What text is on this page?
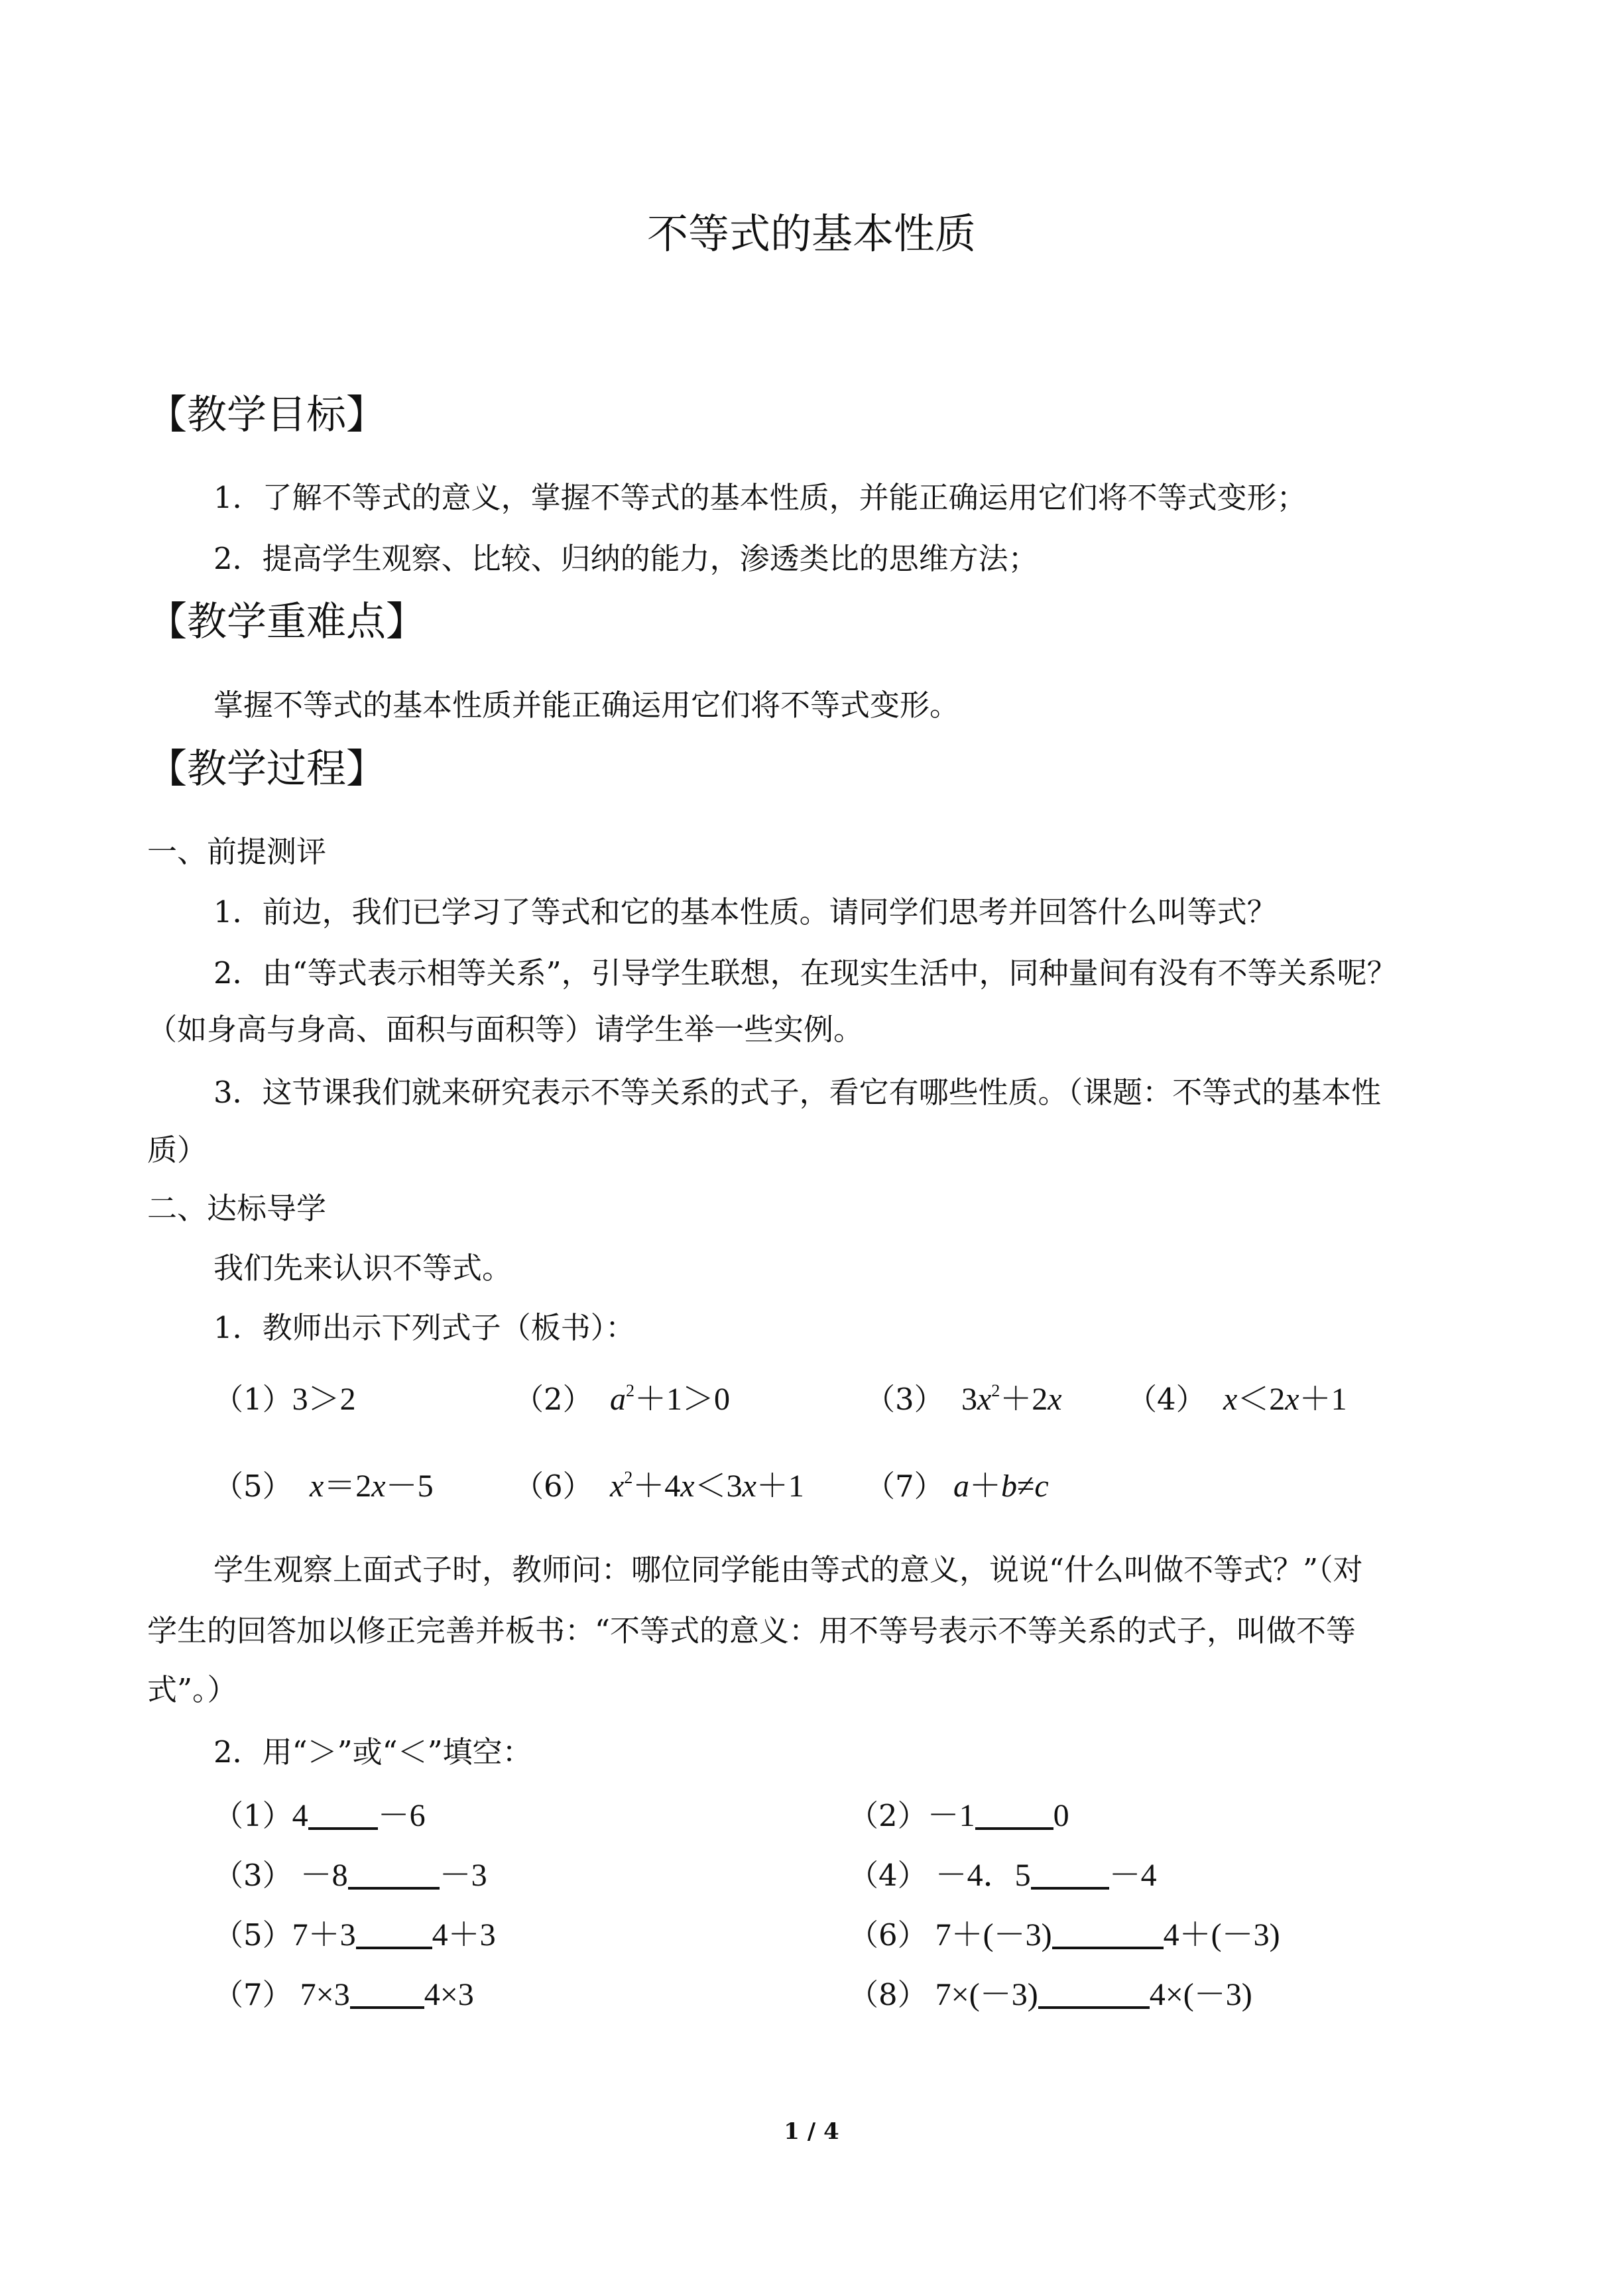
不等式的基本性质
【教学目标】
1．了解不等式的意义，掌握不等式的基本性质，并能正确运用它们将不等式变形；
2．提高学生观察、比较、归纳的能力，渗透类比的思维方法；
【教学重难点】
掌握不等式的基本性质并能正确运用它们将不等式变形。
【教学过程】
一、前提测评
1．前边，我们已学习了等式和它的基本性质。请同学们思考并回答什么叫等式？
2．由“等式表示相等关系”，引导学生联想，在现实生活中，同种量间有没有不等关系呢？
（如身高与身高、面积与面积等）请学生举一些实例。
3．这节课我们就来研究表示不等关系的式子，看它有哪些性质。（课题：不等式的基本性
质）
二、达标导学
我们先来认识不等式。
1．教师出示下列式子（板书）：
（1）3＞2	（2） $a^2+1>0$	（3） $3x^2+2x$ （4） x＜2x＋1
（5） x＝2x－5	（6） $x^2+4x<3x+1$ （7） a＋b≠c
学生观察上面式子时，教师问：哪位同学能由等式的意义，说说“什么叫做不等式？”（对
学生的回答加以修正完善并板书：“不等式的意义：用不等号表示不等关系的式子，叫做不等
式”。）
2．用“＞”或“＜”填空：
（1）4 －6	（2）－1 0
（3） －8	－3	（4） －4．5 －4
（5）7＋3 4＋3	（6） 7＋(－3)	4＋(－3)
（7） 7×3 4×3	（8） 7×(－3)	4×(－3)
1 / 4
